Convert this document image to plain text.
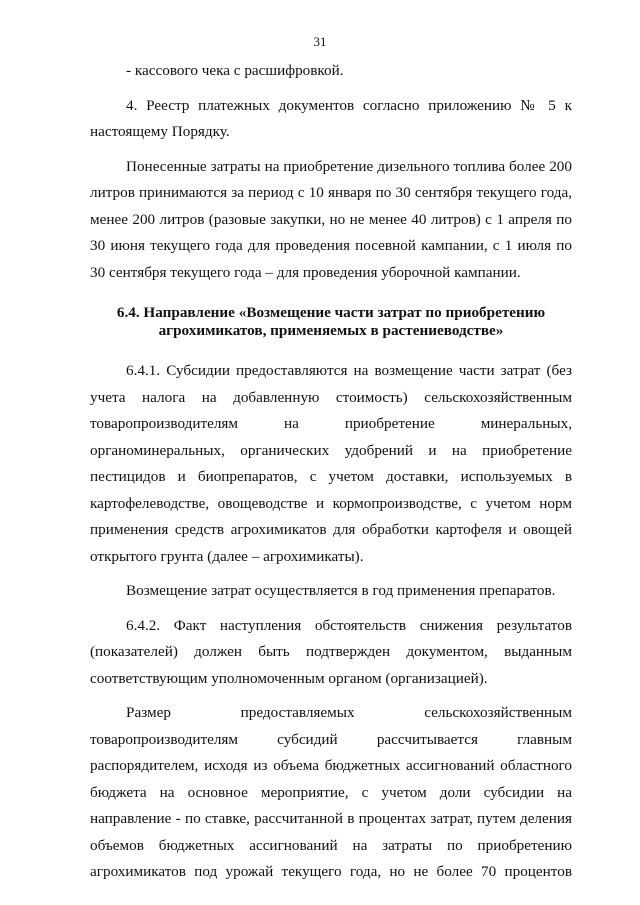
31

- кассового чека с расшифровкой.

4. Реестр платежных документов согласно приложению № 5 к настоящему Порядку.

Понесенные затраты на приобретение дизельного топлива более 200 литров принимаются за период с 10 января по 30 сентября текущего года, менее 200 литров (разовые закупки, но не менее 40 литров) с 1 апреля по 30 июня текущего года для проведения посевной кампании, с 1 июля по 30 сентября текущего года – для проведения уборочной кампании.

6.4. Направление «Возмещение части затрат по приобретению
агрохимикатов, применяемых в растениеводстве»

6.4.1. Субсидии предоставляются на возмещение части затрат (без учета налога на добавленную стоимость) сельскохозяйственным товаропроизводителям на приобретение минеральных, органоминеральных, органических удобрений и на приобретение пестицидов и биопрепаратов, с учетом доставки, используемых в картофелеводстве, овощеводстве и кормопроизводстве, с учетом норм применения средств агрохимикатов для обработки картофеля и овощей открытого грунта (далее – агрохимикаты).

Возмещение затрат осуществляется в год применения препаратов.

6.4.2. Факт наступления обстоятельств снижения результатов (показателей) должен быть подтвержден документом, выданным соответствующим уполномоченным органом (организацией).

Размер предоставляемых сельскохозяйственным товаропроизводителям субсидий рассчитывается главным распорядителем, исходя из объема бюджетных ассигнований областного бюджета на основное мероприятие, с учетом доли субсидии на направление - по ставке, рассчитанной в процентах затрат, путем деления объемов бюджетных ассигнований на затраты по приобретению агрохимикатов под урожай текущего года, но не более 70 процентов
